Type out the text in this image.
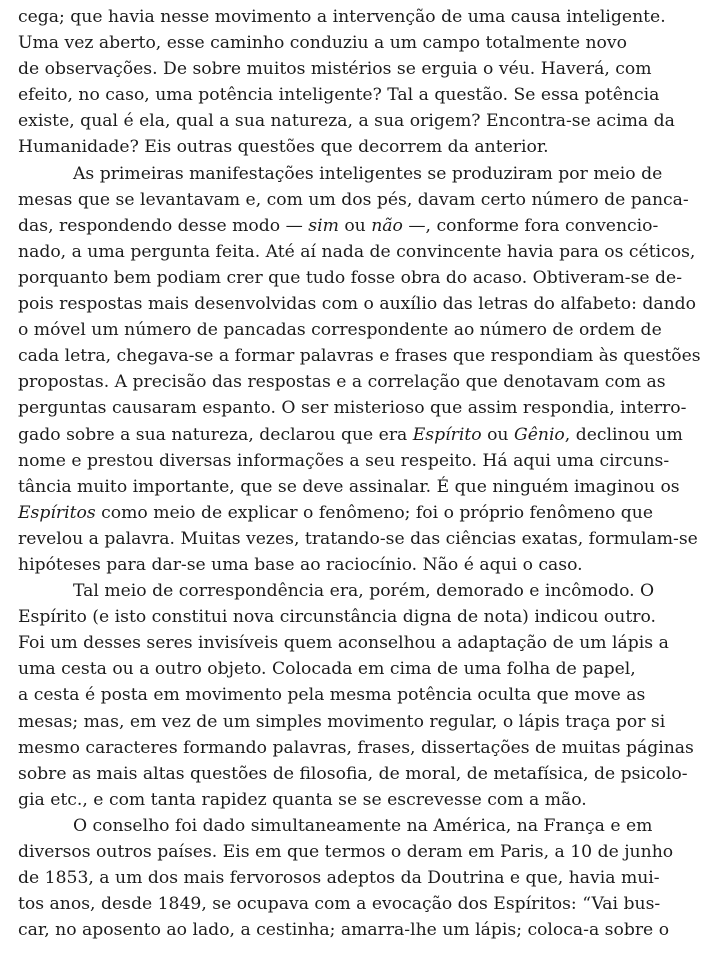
cega; que havia nesse movimento a intervenção de uma causa inteligente.
Uma vez aberto, esse caminho conduziu a um campo totalmente novo
de observações. De sobre muitos mistérios se erguia o véu. Haverá, com
efeito, no caso, uma potência inteligente? Tal a questão. Se essa potência
existe, qual é ela, qual a sua natureza, a sua origem? Encontra-se acima da
Humanidade? Eis outras questões que decorrem da anterior.
As primeiras manifestações inteligentes se produziram por meio de
mesas que se levantavam e, com um dos pés, davam certo número de panca-
das, respondendo desse modo — sim ou não —, conforme fora convencio-
nado, a uma pergunta feita. Até aí nada de convincente havia para os céticos,
porquanto bem podiam crer que tudo fosse obra do acaso. Obtiveram-se de-
pois respostas mais desenvolvidas com o auxílio das letras do alfabeto: dando
o móvel um número de pancadas correspondente ao número de ordem de
cada letra, chegava-se a formar palavras e frases que respondiam às questões
propostas. A precisão das respostas e a correlação que denotavam com as
perguntas causaram espanto. O ser misterioso que assim respondia, interro-
gado sobre a sua natureza, declarou que era Espírito ou Gênio, declinou um
nome e prestou diversas informações a seu respeito. Há aqui uma circuns-
tância muito importante, que se deve assinalar. É que ninguém imaginou os
Espíritos como meio de explicar o fenômeno; foi o próprio fenômeno que
revelou a palavra. Muitas vezes, tratando-se das ciências exatas, formulam-se
hipóteses para dar-se uma base ao raciocínio. Não é aqui o caso.
Tal meio de correspondência era, porém, demorado e incômodo. O
Espírito (e isto constitui nova circunstância digna de nota) indicou outro.
Foi um desses seres invisíveis quem aconselhou a adaptação de um lápis a
uma cesta ou a outro objeto. Colocada em cima de uma folha de papel,
a cesta é posta em movimento pela mesma potência oculta que move as
mesas; mas, em vez de um simples movimento regular, o lápis traça por si
mesmo caracteres formando palavras, frases, dissertações de muitas páginas
sobre as mais altas questões de filosofia, de moral, de metafísica, de psicolo-
gia etc., e com tanta rapidez quanta se se escrevesse com a mão.
O conselho foi dado simultaneamente na América, na França e em
diversos outros países. Eis em que termos o deram em Paris, a 10 de junho
de 1853, a um dos mais fervorosos adeptos da Doutrina e que, havia mui-
tos anos, desde 1849, se ocupava com a evocação dos Espíritos: “Vai bus-
car, no aposento ao lado, a cestinha; amarra-lhe um lápis; coloca-a sobre o
